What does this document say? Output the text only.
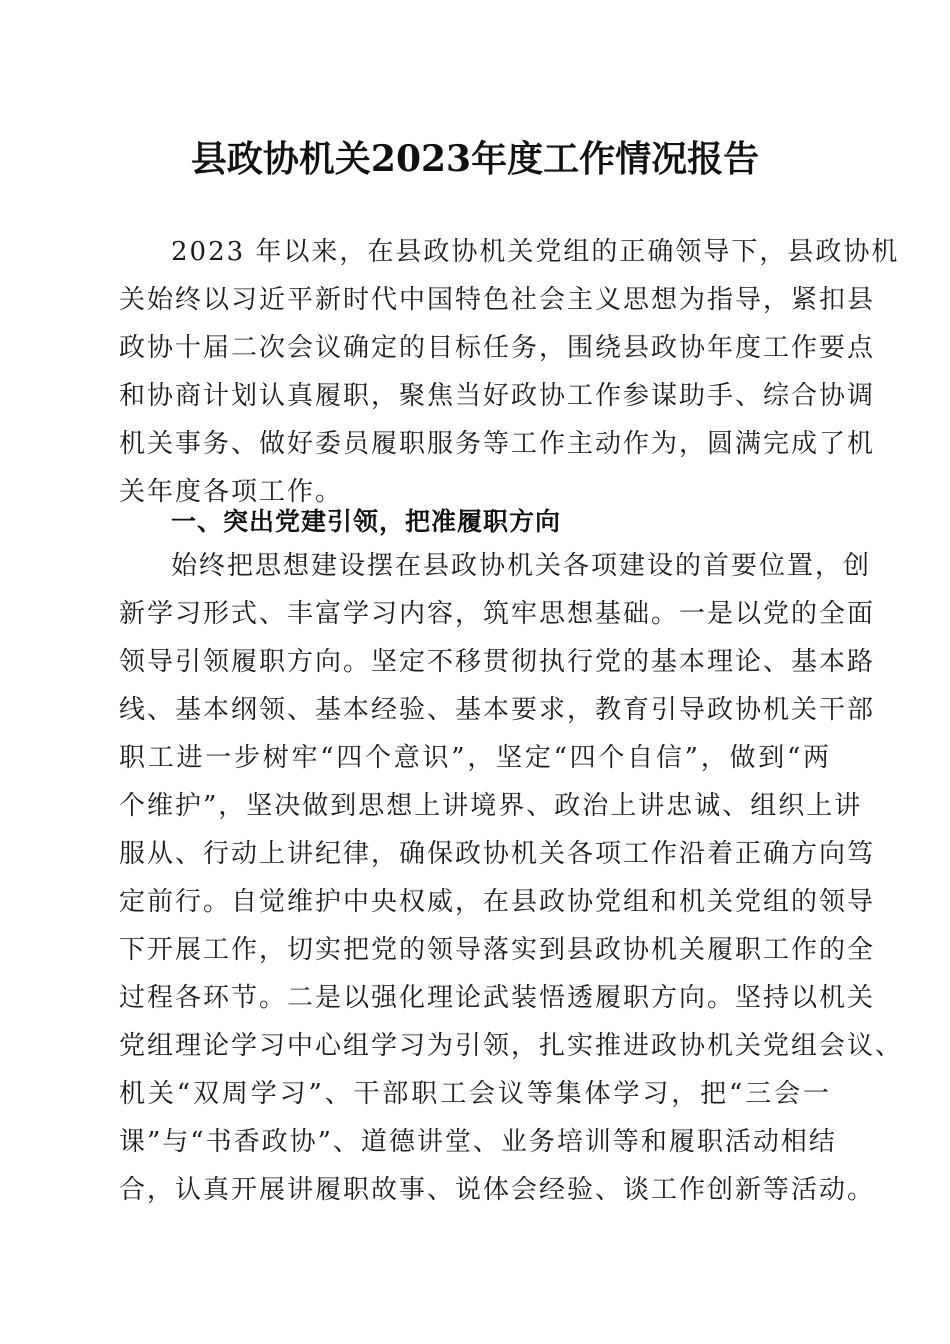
县政协机关2023年度工作情况报告
2023 年以来，在县政协机关党组的正确领导下，县政协机
关始终以习近平新时代中国特色社会主义思想为指导，紧扣县
政协十届二次会议确定的目标任务，围绕县政协年度工作要点
和协商计划认真履职，聚焦当好政协工作参谋助手、综合协调
机关事务、做好委员履职服务等工作主动作为，圆满完成了机
关年度各项工作。
一、突出党建引领，把准履职方向
始终把思想建设摆在县政协机关各项建设的首要位置，创
新学习形式、丰富学习内容，筑牢思想基础。一是以党的全面
领导引领履职方向。坚定不移贯彻执行党的基本理论、基本路
线、基本纲领、基本经验、基本要求，教育引导政协机关干部
职工进一步树牢“四个意识”，坚定“四个自信”，做到“两
个维护”，坚决做到思想上讲境界、政治上讲忠诚、组织上讲
服从、行动上讲纪律，确保政协机关各项工作沿着正确方向笃
定前行。自觉维护中央权威，在县政协党组和机关党组的领导
下开展工作，切实把党的领导落实到县政协机关履职工作的全
过程各环节。二是以强化理论武装悟透履职方向。坚持以机关
党组理论学习中心组学习为引领，扎实推进政协机关党组会议、
机关“双周学习”、干部职工会议等集体学习，把“三会一
课”与“书香政协”、道德讲堂、业务培训等和履职活动相结
合，认真开展讲履职故事、说体会经验、谈工作创新等活动。
